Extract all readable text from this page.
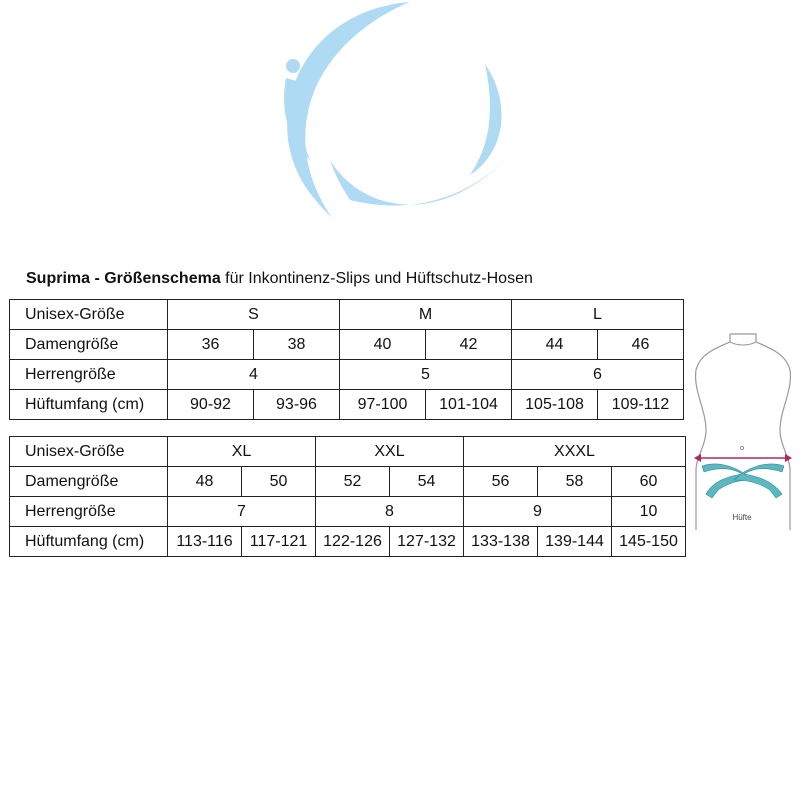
Suprima - Größenschema für Inkontinenz-Slips und Hüftschutz-Hosen
Unisex-Größe	S		M		L	
Damengröße	36	38	40	42	44	46
Herrengröße	4		5		6	
Hüftumfang (cm)	90-92	93-96	97-100	101-104	105-108	109-112
Unisex-Größe	XL		XXL		XXXL		
Damengröße	48	50	52	54	56	58	60
Herrengröße	7		8		9		10
Hüftumfang (cm)	113-116	117-121	122-126	127-132	133-138	139-144	145-150
Hüfte
